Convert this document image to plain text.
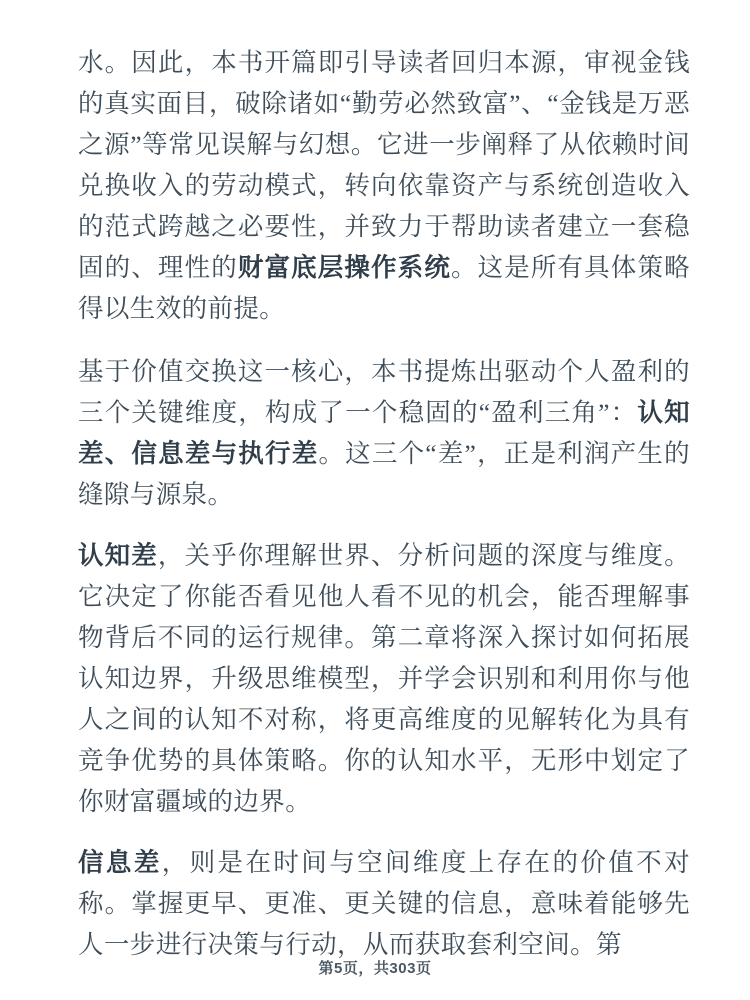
水。因此，本书开篇即引导读者回归本源，审视金钱的真实面目，破除诸如“勤劳必然致富”、“金钱是万恶之源”等常见误解与幻想。它进一步阐释了从依赖时间兑换收入的劳动模式，转向依靠资产与系统创造收入的范式跨越之必要性，并致力于帮助读者建立一套稳固的、理性的财富底层操作系统。这是所有具体策略得以生效的前提。

基于价值交换这一核心，本书提炼出驱动个人盈利的三个关键维度，构成了一个稳固的“盈利三角”：认知差、信息差与执行差。这三个“差”，正是利润产生的缝隙与源泉。

认知差，关乎你理解世界、分析问题的深度与维度。它决定了你能否看见他人看不见的机会，能否理解事物背后不同的运行规律。第二章将深入探讨如何拓展认知边界，升级思维模型，并学会识别和利用你与他人之间的认知不对称，将更高维度的见解转化为具有竞争优势的具体策略。你的认知水平，无形中划定了你财富疆域的边界。

信息差，则是在时间与空间维度上存在的价值不对称。掌握更早、更准、更关键的信息，意味着能够先人一步进行决策与行动，从而获取套利空间。第

第5页，共303页
